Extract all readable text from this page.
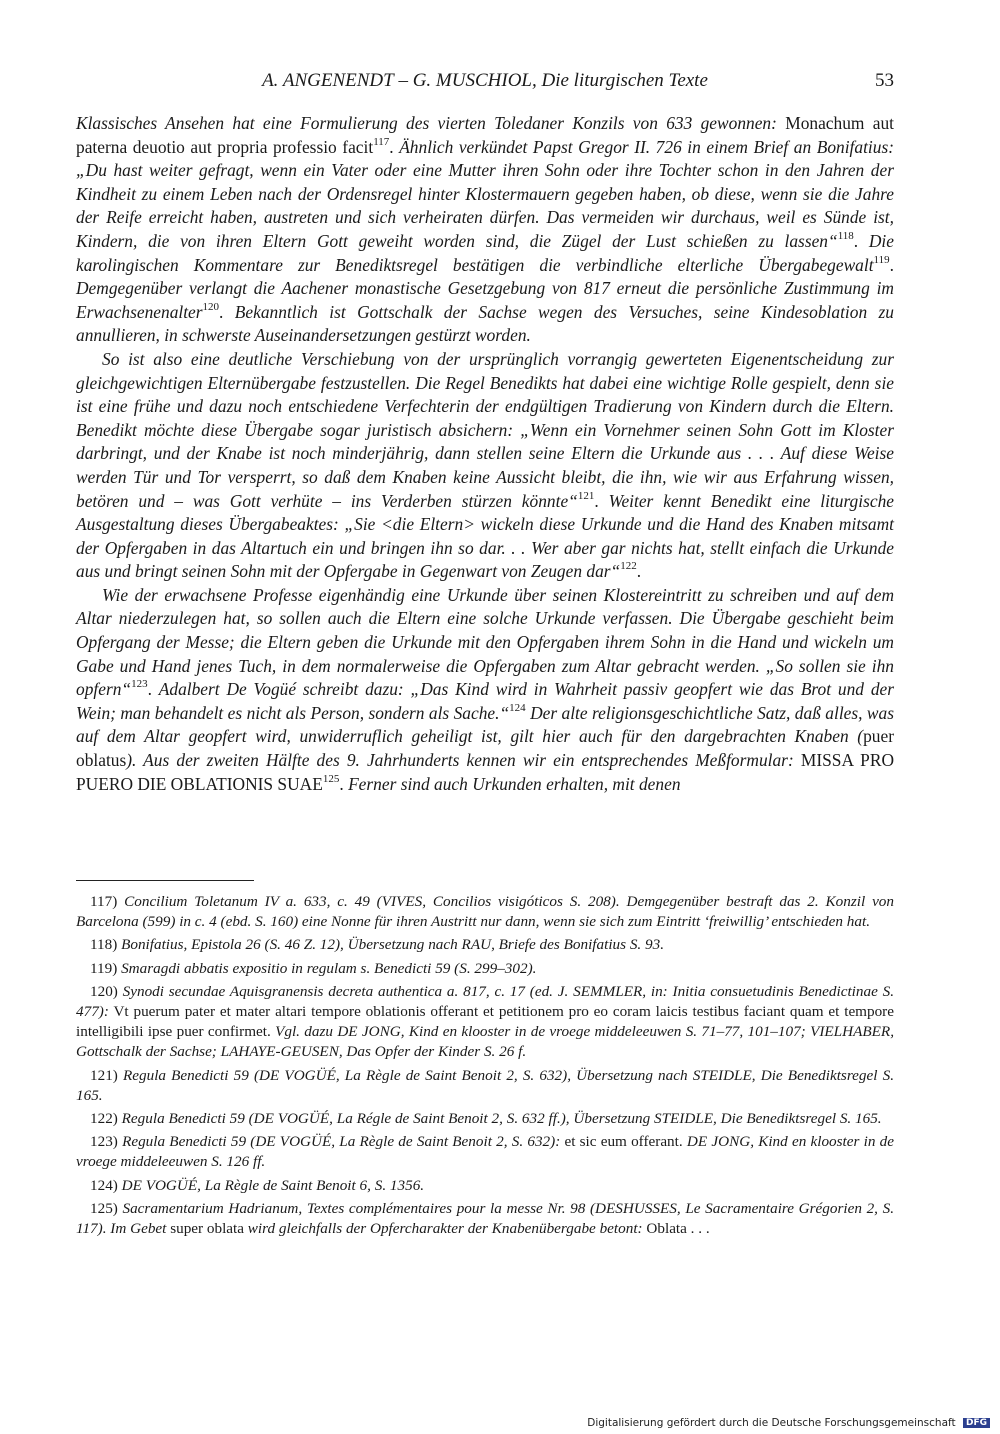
A. ANGENENDT – G. MUSCHIOL, Die liturgischen Texte	53

Klassisches Ansehen hat eine Formulierung des vierten Toledaner Konzils von 633 gewonnen: Monachum aut paterna deuotio aut propria professio facit$^{117}$. Ähnlich verkündet Papst Gregor II. 726 in einem Brief an Bonifatius: „Du hast weiter gefragt, wenn ein Vater oder eine Mutter ihren Sohn oder ihre Tochter schon in den Jahren der Kindheit zu einem Leben nach der Ordensregel hinter Klostermauern gegeben haben, ob diese, wenn sie die Jahre der Reife erreicht haben, austreten und sich verheiraten dürfen. Das vermeiden wir durchaus, weil es Sünde ist, Kindern, die von ihren Eltern Gott geweiht worden sind, die Zügel der Lust schießen zu lassen“$^{118}$. Die karolingischen Kommentare zur Benediktsregel bestätigen die verbindliche elterliche Übergabegewalt$^{119}$. Demgegenüber verlangt die Aachener monastische Gesetzgebung von 817 erneut die persönliche Zustimmung im Erwachsenenalter$^{120}$. Bekanntlich ist Gottschalk der Sachse wegen des Versuches, seine Kindesoblation zu annullieren, in schwerste Auseinandersetzungen gestürzt worden.

So ist also eine deutliche Verschiebung von der ursprünglich vorrangig gewerteten Eigenentscheidung zur gleichgewichtigen Elternübergabe festzustellen. Die Regel Benedikts hat dabei eine wichtige Rolle gespielt, denn sie ist eine frühe und dazu noch entschiedene Verfechterin der endgültigen Tradierung von Kindern durch die Eltern. Benedikt möchte diese Übergabe sogar juristisch absichern: „Wenn ein Vornehmer seinen Sohn Gott im Kloster darbringt, und der Knabe ist noch minderjährig, dann stellen seine Eltern die Urkunde aus . . . Auf diese Weise werden Tür und Tor versperrt, so daß dem Knaben keine Aussicht bleibt, die ihn, wie wir aus Erfahrung wissen, betören und – was Gott verhüte – ins Verderben stürzen könnte“$^{121}$. Weiter kennt Benedikt eine liturgische Ausgestaltung dieses Übergabeaktes: „Sie <die Eltern> wickeln diese Urkunde und die Hand des Knaben mitsamt der Opfergaben in das Altartuch ein und bringen ihn so dar. . . Wer aber gar nichts hat, stellt einfach die Urkunde aus und bringt seinen Sohn mit der Opfergabe in Gegenwart von Zeugen dar“$^{122}$.

Wie der erwachsene Professe eigenhändig eine Urkunde über seinen Klostereintritt zu schreiben und auf dem Altar niederzulegen hat, so sollen auch die Eltern eine solche Urkunde verfassen. Die Übergabe geschieht beim Opfergang der Messe; die Eltern geben die Urkunde mit den Opfergaben ihrem Sohn in die Hand und wickeln um Gabe und Hand jenes Tuch, in dem normalerweise die Opfergaben zum Altar gebracht werden. „So sollen sie ihn opfern“$^{123}$. Adalbert De Vogüé schreibt dazu: „Das Kind wird in Wahrheit passiv geopfert wie das Brot und der Wein; man behandelt es nicht als Person, sondern als Sache.“$^{124}$ Der alte religionsgeschichtliche Satz, daß alles, was auf dem Altar geopfert wird, unwiderruflich geheiligt ist, gilt hier auch für den dargebrachten Knaben (puer oblatus). Aus der zweiten Hälfte des 9. Jahrhunderts kennen wir ein entsprechendes Meßformular: MISSA PRO PUERO DIE OBLATIONIS SUAE$^{125}$. Ferner sind auch Urkunden erhalten, mit denen

117) Concilium Toletanum IV a. 633, c. 49 (VIVES, Concilios visigóticos S. 208). Demgegenüber bestraft das 2. Konzil von Barcelona (599) in c. 4 (ebd. S. 160) eine Nonne für ihren Austritt nur dann, wenn sie sich zum Eintritt ‘freiwillig’ entschieden hat.

118) Bonifatius, Epistola 26 (S. 46 Z. 12), Übersetzung nach RAU, Briefe des Bonifatius S. 93.

119) Smaragdi abbatis expositio in regulam s. Benedicti 59 (S. 299–302).

120) Synodi secundae Aquisgranensis decreta authentica a. 817, c. 17 (ed. J. SEMMLER, in: Initia consuetudinis Benedictinae S. 477): Vt puerum pater et mater altari tempore oblationis offerant et petitionem pro eo coram laicis testibus faciant quam et tempore intelligibili ipse puer confirmet. Vgl. dazu DE JONG, Kind en klooster in de vroege middeleeuwen S. 71–77, 101–107; VIELHABER, Gottschalk der Sachse; LAHAYE-GEUSEN, Das Opfer der Kinder S. 26 f.

121) Regula Benedicti 59 (DE VOGÜÉ, La Règle de Saint Benoit 2, S. 632), Übersetzung nach STEIDLE, Die Benediktsregel S. 165.

122) Regula Benedicti 59 (DE VOGÜÉ, La Régle de Saint Benoit 2, S. 632 ff.), Übersetzung STEIDLE, Die Benediktsregel S. 165.

123) Regula Benedicti 59 (DE VOGÜÉ, La Règle de Saint Benoit 2, S. 632): et sic eum offerant. DE JONG, Kind en klooster in de vroege middeleeuwen S. 126 ff.

124) DE VOGÜÉ, La Règle de Saint Benoit 6, S. 1356.

125) Sacramentarium Hadrianum, Textes complémentaires pour la messe Nr. 98 (DESHUSSES, Le Sacramentaire Grégorien 2, S. 117). Im Gebet super oblata wird gleichfalls der Opfercharakter der Knabenübergabe betont: Oblata . . .

Digitalisierung gefördert durch die Deutsche Forschungsgemeinschaft DFG
